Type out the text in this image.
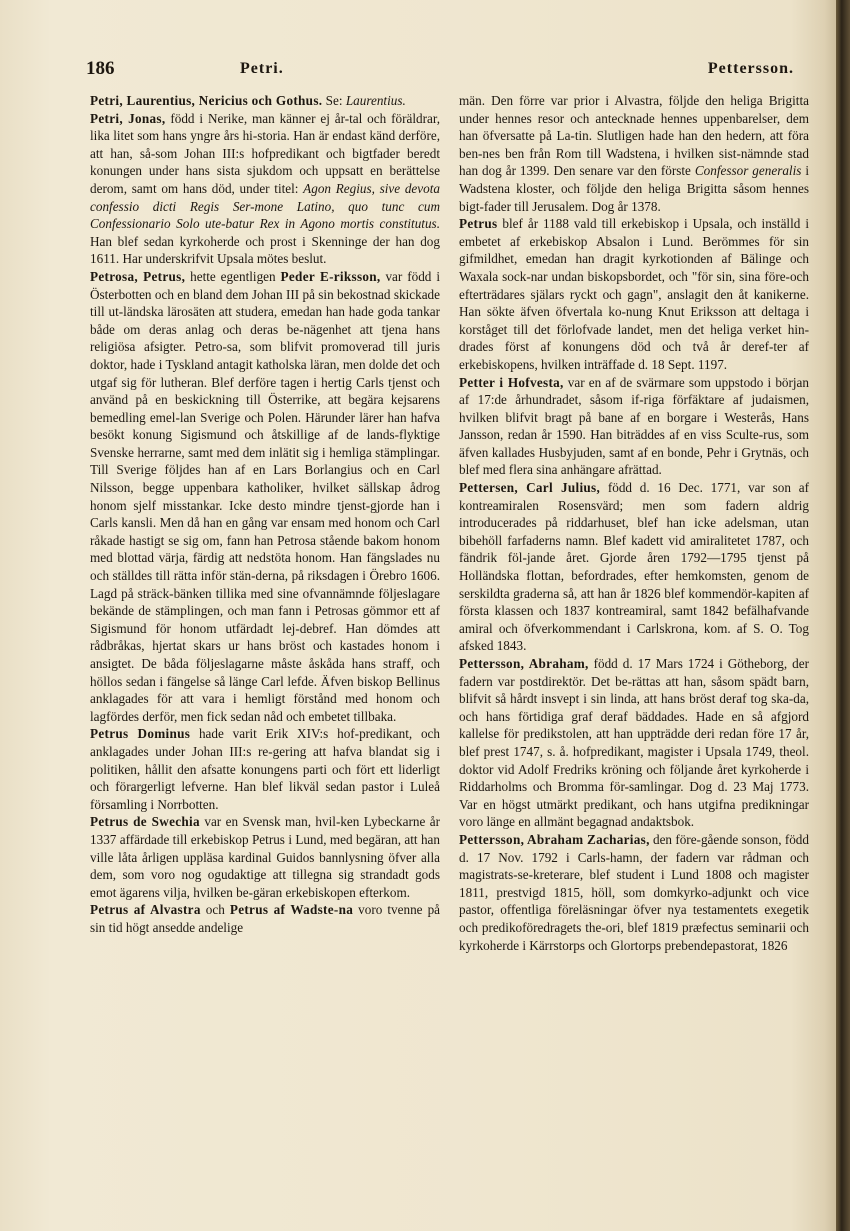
186	Petri.	Pettersson.

Petri, Laurentius, Nericius och Gothus. Se: Laurentius.

Petri, Jonas, född i Nerike, man känner ej år-tal och föräldrar, lika litet som hans yngre års hi-storia. Han är endast känd derföre, att han, så-som Johan III:s hofpredikant och bigtfader beredt konungen under hans sista sjukdom och uppsatt en berättelse derom, samt om hans död, under titel: Agon Regius, sive devota confessio dicti Regis Ser-mone Latino, quo tunc cum Confessionario Solo ute-batur Rex in Agono mortis constitutus. Han blef sedan kyrkoherde och prost i Skenninge der han dog 1611. Har underskrifvit Upsala mötes beslut.

Petrosa, Petrus, hette egentligen Peder E-riksson, var född i Österbotten och en bland dem Johan III på sin bekostnad skickade till ut-ländska lärosäten att studera, emedan han hade goda tankar både om deras anlag och deras be-nägenhet att tjena hans religiösa afsigter. Petro-sa, som blifvit promoverad till juris doktor, hade i Tyskland antagit katholska läran, men dolde det och utgaf sig för lutheran. Blef derföre tagen i hertig Carls tjenst och använd på en beskickning till Österrike, att begära kejsarens bemedling emel-lan Sverige och Polen. Härunder lärer han hafva besökt konung Sigismund och åtskillige af de lands-flyktige Svenske herrarne, samt med dem inlätit sig i hemliga stämplingar. Till Sverige följdes han af en Lars Borlangius och en Carl Nilsson, begge uppenbara katholiker, hvilket sällskap ådrog honom sjelf misstankar. Icke desto mindre tjenst-gjorde han i Carls kansli. Men då han en gång var ensam med honom och Carl råkade hastigt se sig om, fann han Petrosa stående bakom honom med blottad värja, färdig att nedstöta honom. Han fängslades nu och ställdes till rätta inför stän-derna, på riksdagen i Örebro 1606. Lagd på sträck-bänken tillika med sine ofvannämnde följeslagare bekände de stämplingen, och man fann i Petrosas gömmor ett af Sigismund för honom utfärdadt lej-debref. Han dömdes att rådbråkas, hjertat skars ur hans bröst och kastades honom i ansigtet. De båda följeslagarne måste åskåda hans straff, och höllos sedan i fängelse så länge Carl lefde. Äfven biskop Bellinus anklagades för att vara i hemligt förstånd med honom och lagfördes derför, men fick sedan nåd och embetet tillbaka.

Petrus Dominus hade varit Erik XIV:s hof-predikant, och anklagades under Johan III:s re-gering att hafva blandat sig i politiken, hållit den afsatte konungens parti och fört ett liderligt och förargerligt lefverne. Han blef likväl sedan pastor i Luleå församling i Norrbotten.

Petrus de Swechia var en Svensk man, hvil-ken Lybeckarne år 1337 affärdade till erkebiskop Petrus i Lund, med begäran, att han ville låta årligen uppläsa kardinal Guidos bannlysning öfver alla dem, som voro nog ogudaktige att tillegna sig strandadt gods emot ägarens vilja, hvilken be-gäran erkebiskopen efterkom.

Petrus af Alvastra och Petrus af Wadste-na voro tvenne på sin tid högt ansedde andelige

män. Den förre var prior i Alvastra, följde den heliga Brigitta under hennes resor och antecknade hennes uppenbarelser, dem han öfversatte på La-tin. Slutligen hade han den hedern, att föra ben-nes ben från Rom till Wadstena, i hvilken sist-nämnde stad han dog år 1399. Den senare var den förste Confessor generalis i Wadstena kloster, och följde den heliga Brigitta såsom hennes bigt-fader till Jerusalem. Dog år 1378.

Petrus blef år 1188 vald till erkebiskop i Upsala, och inställd i embetet af erkebiskop Absalon i Lund. Berömmes för sin gifmildhet, emedan han dragit kyrkotionden af Bälinge och Waxala sock-nar undan biskopsbordet, och "för sin, sina före-och efterträdares själars ryckt och gagn", anslagit den åt kanikerne. Han sökte äfven öfvertala ko-nung Knut Eriksson att deltaga i korståget till det förlofvade landet, men det heliga verket hin-drades först af konungens död och två år deref-ter af erkebiskopens, hvilken inträffade d. 18 Sept. 1197.

Petter i Hofvesta, var en af de svärmare som uppstodo i början af 17:de århundradet, såsom if-riga förfäktare af judaismen, hvilken blifvit bragt på bane af en borgare i Westerås, Hans Jansson, redan år 1590. Han biträddes af en viss Sculte-rus, som äfven kallades Husbyjuden, samt af en bonde, Pehr i Grytnäs, och blef med flera sina anhängare afrättad.

Pettersen, Carl Julius, född d. 16 Dec. 1771, var son af kontreamiralen Rosensvärd; men som fadern aldrig introducerades på riddarhuset, blef han icke adelsman, utan bibehöll farfaderns namn. Blef kadett vid amiralitetet 1787, och fändrik föl-jande året. Gjorde åren 1792—1795 tjenst på Holländska flottan, befordrades, efter hemkomsten, genom de serskildta graderna så, att han år 1826 blef kommendör-kapiten af första klassen och 1837 kontreamiral, samt 1842 befälhafvande amiral och öfverkommendant i Carlskrona, kom. af S. O. Tog afsked 1843.

Pettersson, Abraham, född d. 17 Mars 1724 i Götheborg, der fadern var postdirektör. Det be-rättas att han, såsom spädt barn, blifvit så hårdt insvept i sin linda, att hans bröst deraf tog ska-da, och hans förtidiga graf deraf bäddades. Hade en så afgjord kallelse för predikstolen, att han uppträdde deri redan före 17 år, blef prest 1747, s. å. hofpredikant, magister i Upsala 1749, theol. doktor vid Adolf Fredriks kröning och följande året kyrkoherde i Riddarholms och Bromma för-samlingar. Dog d. 23 Maj 1773. Var en högst utmärkt predikant, och hans utgifna predikningar voro länge en allmänt begagnad andaktsbok.

Pettersson, Abraham Zacharias, den före-gående sonson, född d. 17 Nov. 1792 i Carls-hamn, der fadern var rådman och magistrats-se-kreterare, blef student i Lund 1808 och magister 1811, prestvigd 1815, höll, som domkyrko-adjunkt och vice pastor, offentliga föreläsningar öfver nya testamentets exegetik och predikoföredragets the-ori, blef 1819 præfectus seminarii och kyrkoherde i Kärrstorps och Glortorps prebendepastorat, 1826
